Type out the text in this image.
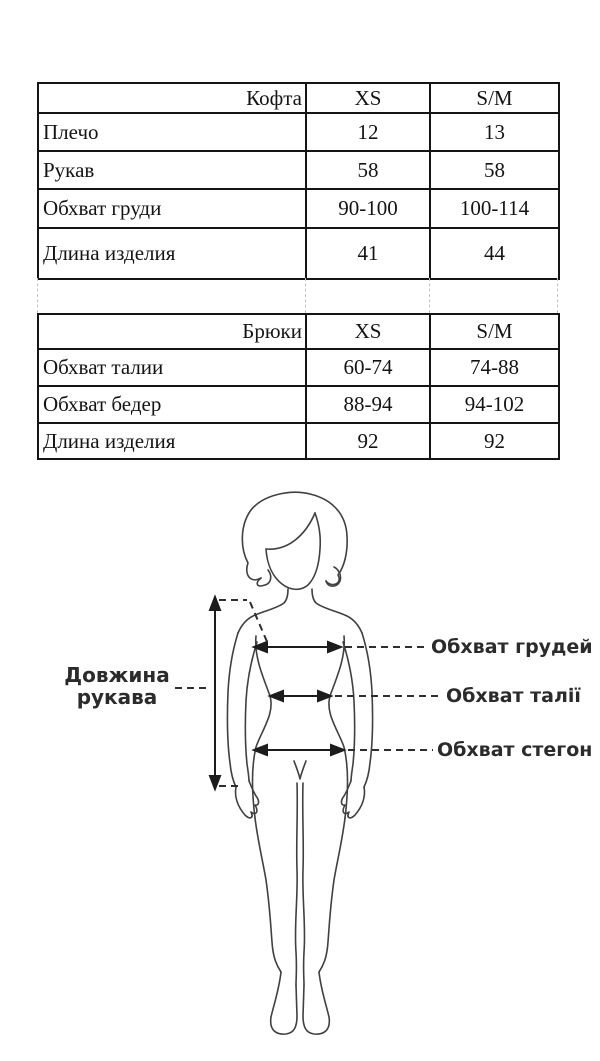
Кофта	XS	S/M
Плечо	12	13
Рукав	58	58
Обхват груди	90-100	100-114
Длина изделия	41	44
Брюки	XS	S/M
Обхват талии	60-74	74-88
Обхват бедер	88-94	94-102
Длина изделия	92	92
Довжина рукава
Обхват грудей
Обхват талії
Обхват стегон
